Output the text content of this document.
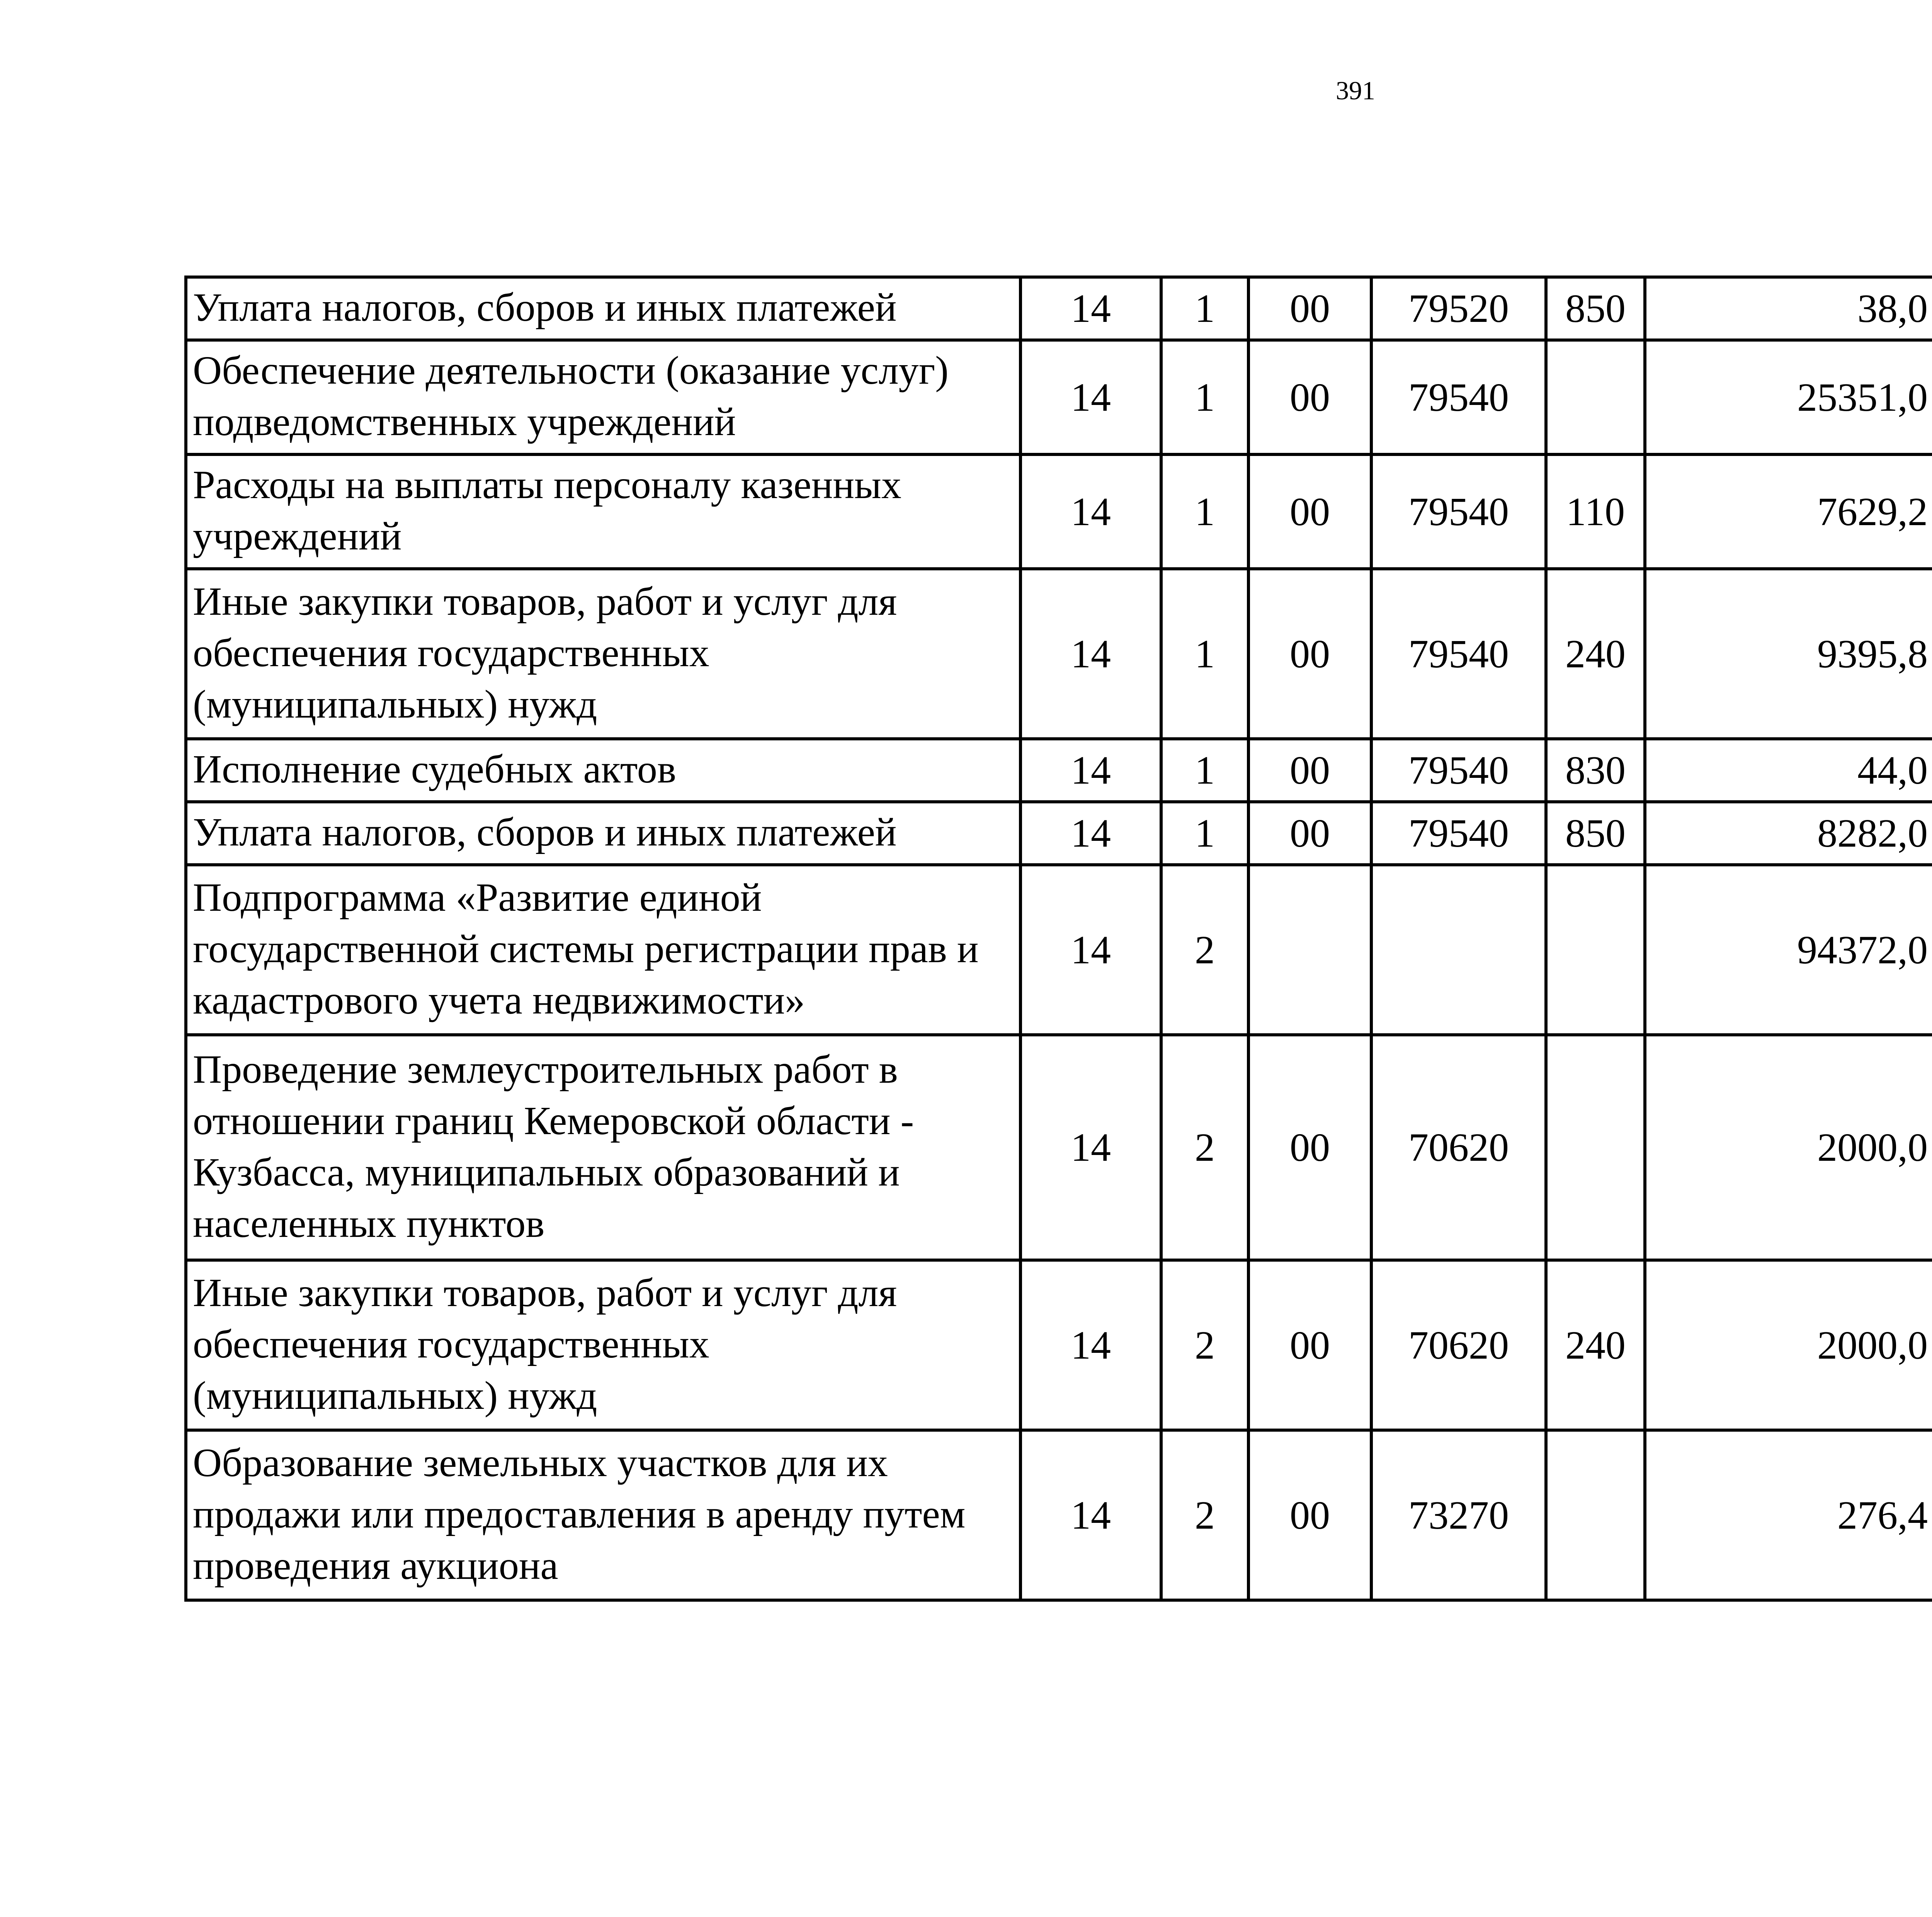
391
Уплата налогов, сборов и иных платежей	14	1	00	79520	850	38,0		
Обеспечение деятельности (оказание услуг) подведомственных учреждений	14	1	00	79540		25351,0		
Расходы на выплаты персоналу казенных учреждений	14	1	00	79540	110	7629,2		
Иные закупки товаров, работ и услуг для обеспечения государственных (муниципальных) нужд	14	1	00	79540	240	9395,8		
Исполнение судебных актов	14	1	00	79540	830	44,0		
Уплата налогов, сборов и иных платежей	14	1	00	79540	850	8282,0		
Подпрограмма «Развитие единой государственной системы регистрации прав и кадастрового учета недвижимости»	14	2				94372,0		
Проведение землеустроительных работ в отношении границ Кемеровской области - Кузбасса, муниципальных образований и населенных пунктов	14	2	00	70620		2000,0		
Иные закупки товаров, работ и услуг для обеспечения государственных (муниципальных) нужд	14	2	00	70620	240	2000,0		
Образование земельных участков для их продажи или предоставления в аренду путем проведения аукциона	14	2	00	73270		276,4		
